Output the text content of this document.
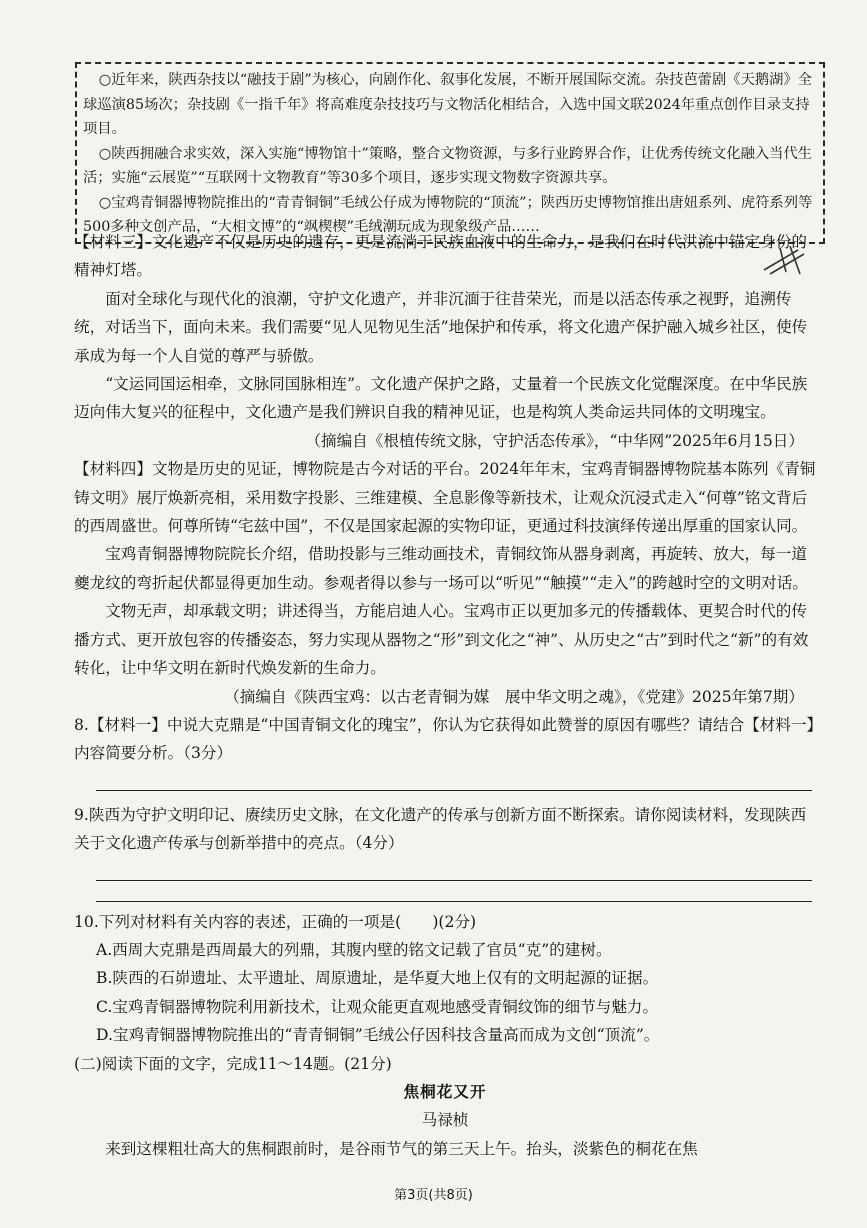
○近年来，陕西杂技以“融技于剧”为核心，向剧作化、叙事化发展，不断开展国际交流。杂技芭蕾剧《天鹅湖》全球巡演85场次；杂技剧《一指千年》将高难度杂技技巧与文物活化相结合，入选中国文联2024年重点创作目录支持项目。

○陕西拥融合求实效，深入实施“博物馆十”策略，整合文物资源，与多行业跨界合作，让优秀传统文化融入当代生活；实施“云展览”“互联网十文物教育”等30多个项目，逐步实现文物数字资源共享。

○宝鸡青铜器博物院推出的“青青铜铜”毛绒公仔成为博物院的“顶流”；陕西历史博物馆推出唐妞系列、虎符系列等500多种文创产品，“大相文博”的“飒楔楔”毛绒潮玩成为现象级产品……

【材料三】文化遗产不仅是历史的遗存，更是流淌于民族血液中的生命力，是我们在时代洪流中锚定身份的精神灯塔。

面对全球化与现代化的浪潮，守护文化遗产，并非沉湎于往昔荣光，而是以活态传承之视野，追溯传统，对话当下，面向未来。我们需要“见人见物见生活”地保护和传承，将文化遗产保护融入城乡社区，使传承成为每一个人自觉的尊严与骄傲。

“文运同国运相牵，文脉同国脉相连”。文化遗产保护之路，丈量着一个民族文化觉醒深度。在中华民族迈向伟大复兴的征程中，文化遗产是我们辨识自我的精神见证，也是构筑人类命运共同体的文明瑰宝。

（摘编自《根植传统文脉，守护活态传承》，“中华网”2025年6月15日）

【材料四】文物是历史的见证，博物院是古今对话的平台。2024年年末，宝鸡青铜器博物院基本陈列《青铜铸文明》展厅焕新亮相，采用数字投影、三维建模、全息影像等新技术，让观众沉浸式走入“何尊”铭文背后的西周盛世。何尊所铸“宅兹中国”，不仅是国家起源的实物印证，更通过科技演绎传递出厚重的国家认同。

宝鸡青铜器博物院院长介绍，借助投影与三维动画技术，青铜纹饰从器身剥离，再旋转、放大，每一道夔龙纹的弯折起伏都显得更加生动。参观者得以参与一场可以“听见”“触摸”“走入”的跨越时空的文明对话。

文物无声，却承载文明；讲述得当，方能启迪人心。宝鸡市正以更加多元的传播载体、更契合时代的传播方式、更开放包容的传播姿态，努力实现从器物之“形”到文化之“神”、从历史之“古”到时代之“新”的有效转化，让中华文明在新时代焕发新的生命力。

（摘编自《陕西宝鸡：以古老青铜为媒　展中华文明之魂》，《党建》2025年第7期）

8.【材料一】中说大克鼎是“中国青铜文化的瑰宝”，你认为它获得如此赞誉的原因有哪些？请结合【材料一】内容简要分析。（3分）

9.陕西为守护文明印记、赓续历史文脉，在文化遗产的传承与创新方面不断探索。请你阅读材料，发现陕西关于文化遗产传承与创新举措中的亮点。（4分）

10.下列对材料有关内容的表述，正确的一项是(　　)(2分)

A.西周大克鼎是西周最大的列鼎，其腹内壁的铭文记载了官员“克”的建树。

B.陕西的石峁遗址、太平遗址、周原遗址，是华夏大地上仅有的文明起源的证据。

C.宝鸡青铜器博物院利用新技术，让观众能更直观地感受青铜纹饰的细节与魅力。

D.宝鸡青铜器博物院推出的“青青铜铜”毛绒公仔因科技含量高而成为文创“顶流”。

(二)阅读下面的文字，完成11～14题。(21分)

焦桐花又开

马禄桢

来到这棵粗壮高大的焦桐跟前时，是谷雨节气的第三天上午。抬头，淡紫色的桐花在焦

第3页(共8页)
